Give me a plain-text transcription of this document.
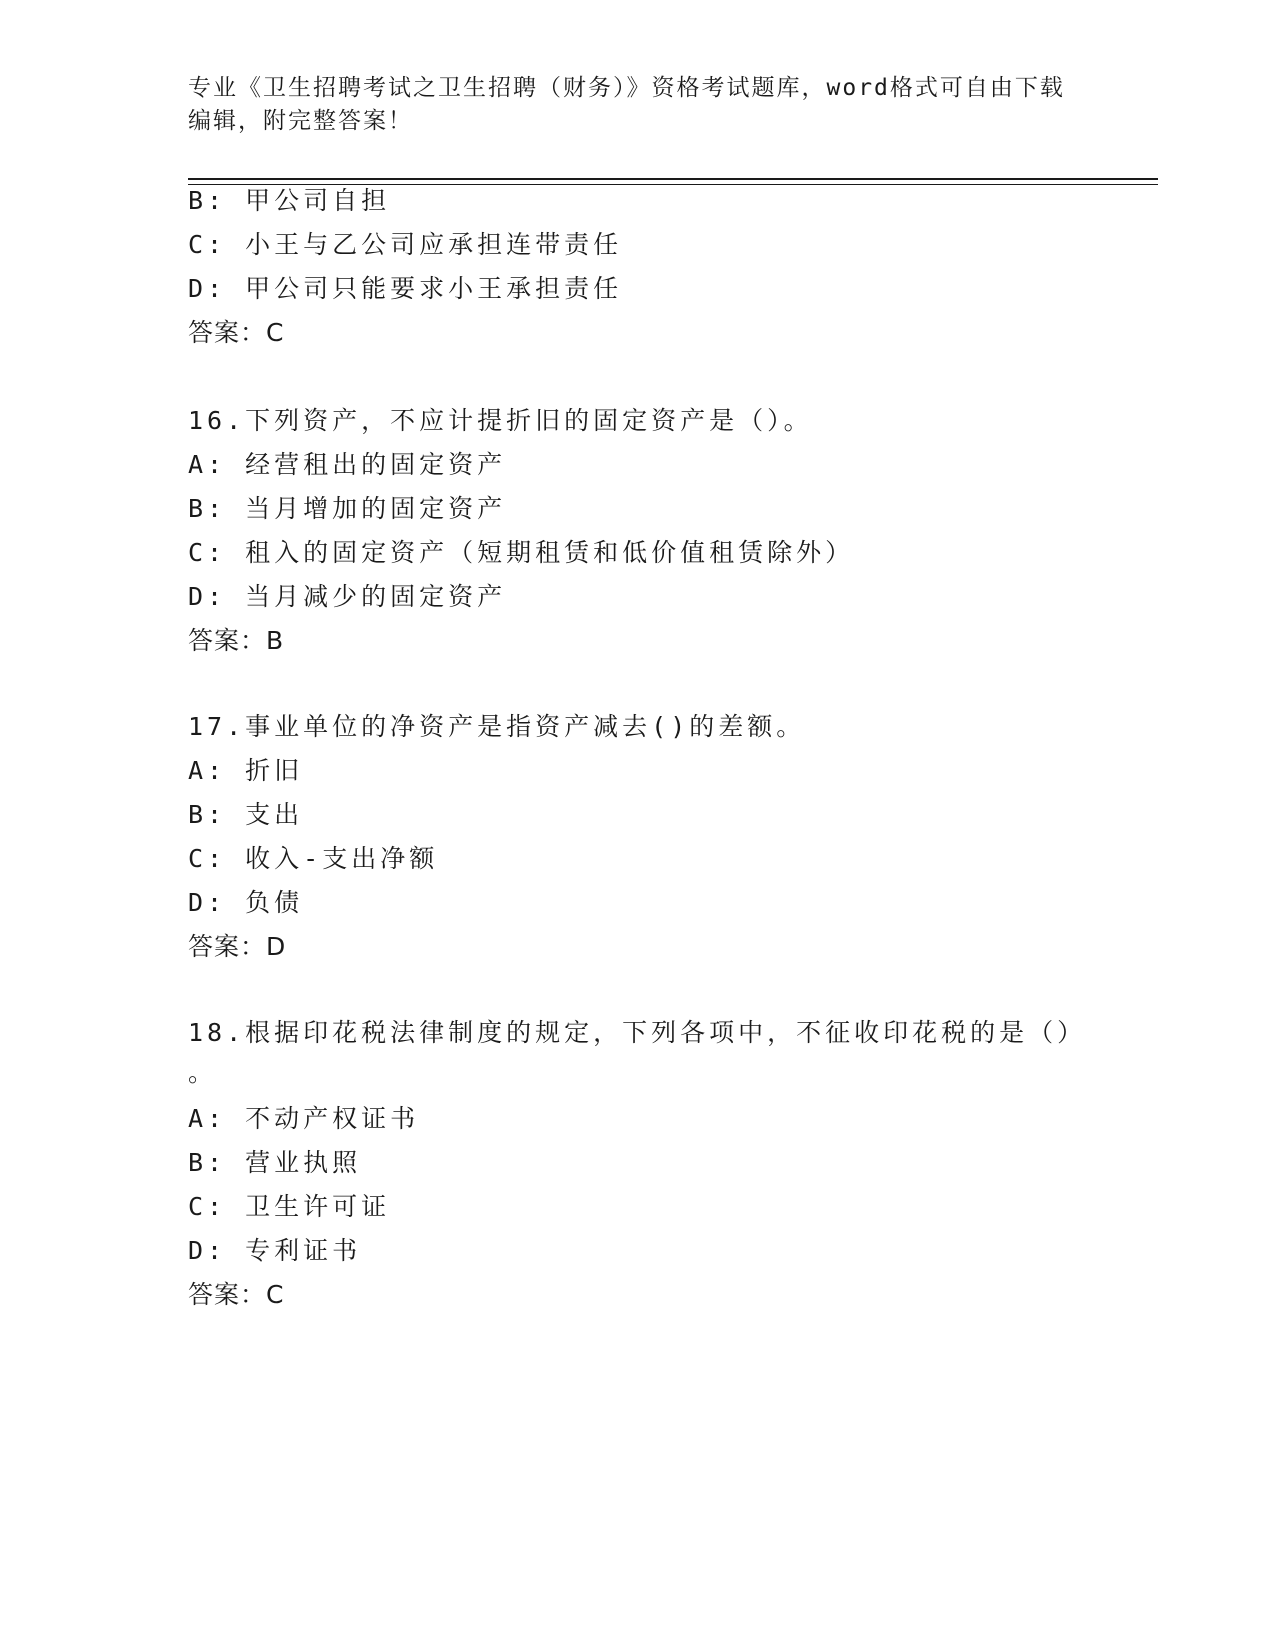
专业《卫生招聘考试之卫生招聘（财务）》资格考试题库，word格式可自由下载编辑，附完整答案！
B: 甲公司自担
C: 小王与乙公司应承担连带责任
D: 甲公司只能要求小王承担责任
答案：C
16.下列资产，不应计提折旧的固定资产是（）。
A: 经营租出的固定资产
B: 当月增加的固定资产
C: 租入的固定资产（短期租赁和低价值租赁除外）
D: 当月减少的固定资产
答案：B
17.事业单位的净资产是指资产减去()的差额。
A: 折旧
B: 支出
C: 收入-支出净额
D: 负债
答案：D
18.根据印花税法律制度的规定，下列各项中，不征收印花税的是（）
。
A: 不动产权证书
B: 营业执照
C: 卫生许可证
D: 专利证书
答案：C
